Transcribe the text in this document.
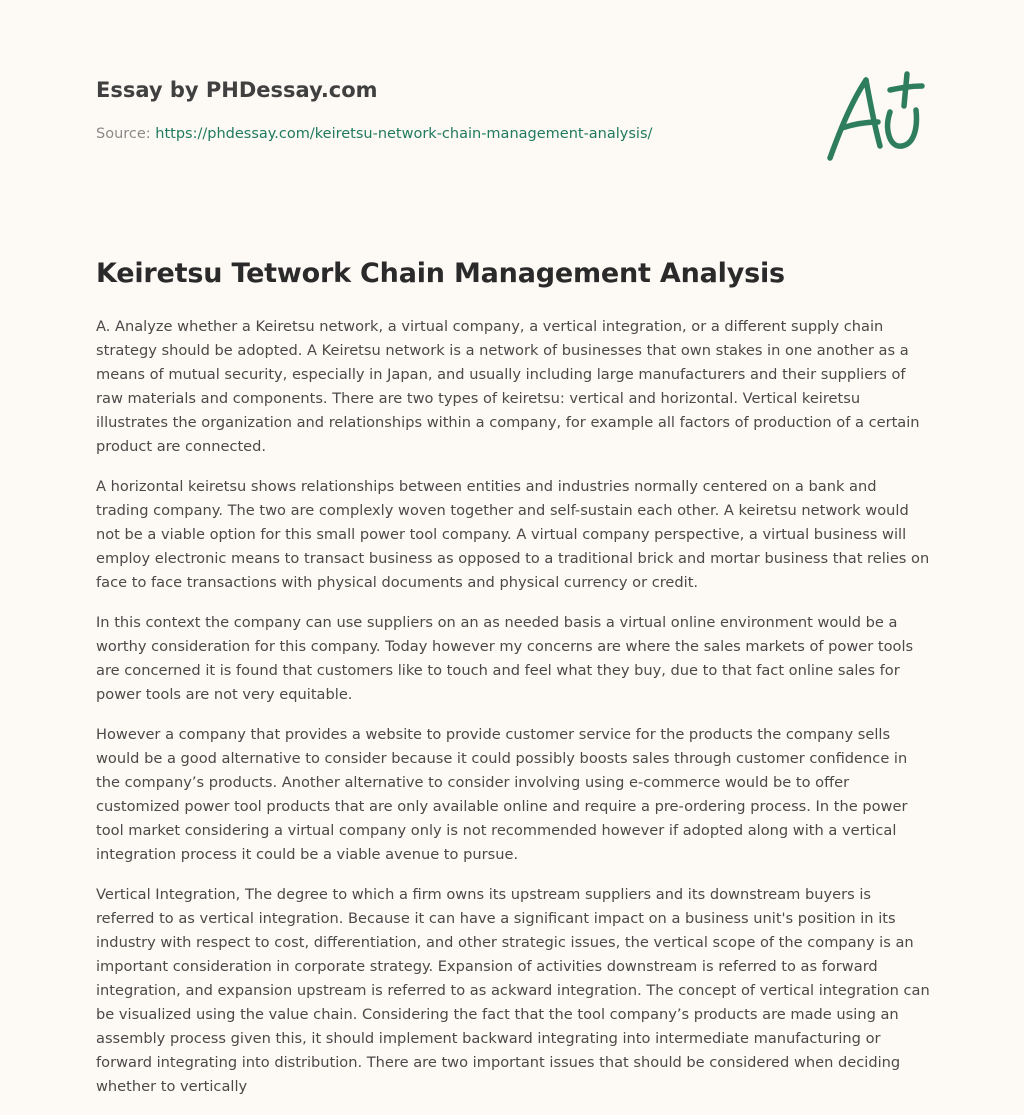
Essay by PHDessay.com
Source: https://phdessay.com/keiretsu-network-chain-management-analysis/
Keiretsu Tetwork Chain Management Analysis

A. Analyze whether a Keiretsu network, a virtual company, a vertical integration, or a different supply chain strategy should be adopted. A Keiretsu network is a network of businesses that own stakes in one another as a means of mutual security, especially in Japan, and usually including large manufacturers and their suppliers of raw materials and components. There are two types of keiretsu: vertical and horizontal. Vertical keiretsu illustrates the organization and relationships within a company, for example all factors of production of a certain product are connected.

A horizontal keiretsu shows relationships between entities and industries normally centered on a bank and trading company. The two are complexly woven together and self-sustain each other. A keiretsu network would not be a viable option for this small power tool company. A virtual company perspective, a virtual business will employ electronic means to transact business as opposed to a traditional brick and mortar business that relies on face to face transactions with physical documents and physical currency or credit.

In this context the company can use suppliers on an as needed basis a virtual online environment would be a worthy consideration for this company. Today however my concerns are where the sales markets of power tools are concerned it is found that customers like to touch and feel what they buy, due to that fact online sales for power tools are not very equitable.

However a company that provides a website to provide customer service for the products the company sells would be a good alternative to consider because it could possibly boosts sales through customer confidence in the company’s products. Another alternative to consider involving using e-commerce would be to offer customized power tool products that are only available online and require a pre-ordering process. In the power tool market considering a virtual company only is not recommended however if adopted along with a vertical integration process it could be a viable avenue to pursue.

Vertical Integration, The degree to which a firm owns its upstream suppliers and its downstream buyers is referred to as vertical integration. Because it can have a significant impact on a business unit's position in its industry with respect to cost, differentiation, and other strategic issues, the vertical scope of the company is an important consideration in corporate strategy. Expansion of activities downstream is referred to as forward integration, and expansion upstream is referred to as ackward integration. The concept of vertical integration can be visualized using the value chain. Considering the fact that the tool company’s products are made using an assembly process given this, it should implement backward integrating into intermediate manufacturing or forward integrating into distribution. There are two important issues that should be considered when deciding whether to vertically
